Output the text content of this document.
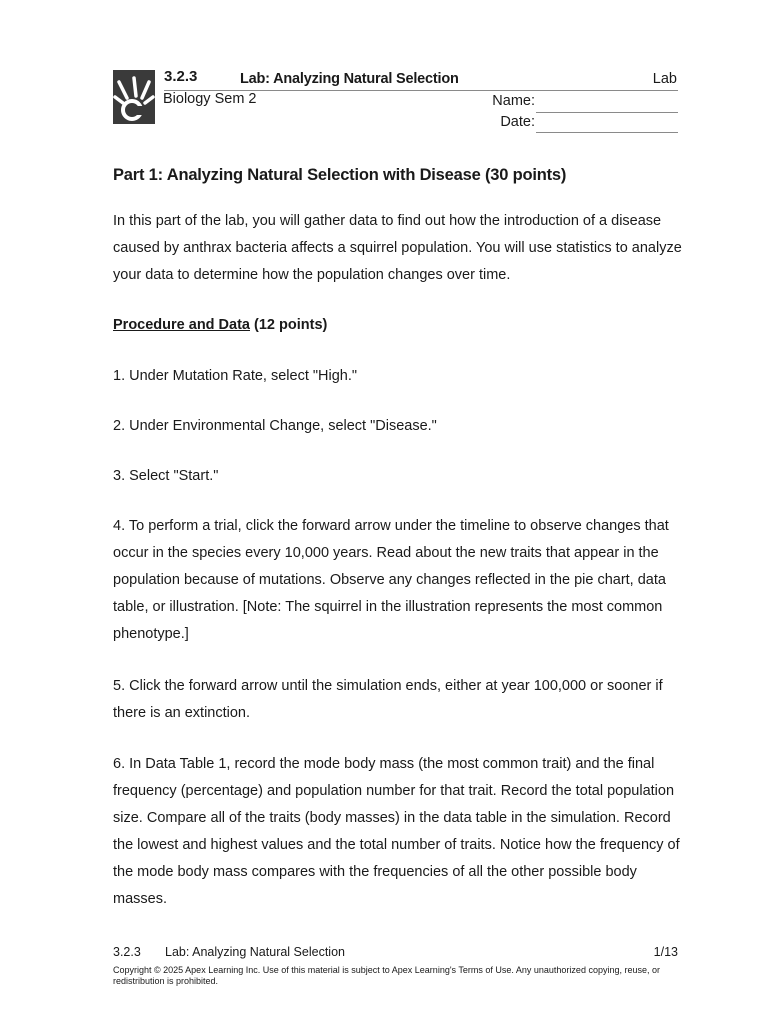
3.2.3	Lab: Analyzing Natural Selection	Lab
Biology Sem 2	Name:
Date:
Part 1: Analyzing Natural Selection with Disease (30 points)
In this part of the lab, you will gather data to find out how the introduction of a disease caused by anthrax bacteria affects a squirrel population. You will use statistics to analyze your data to determine how the population changes over time.
Procedure and Data (12 points)
1. Under Mutation Rate, select "High."
2. Under Environmental Change, select "Disease."
3. Select "Start."
4. To perform a trial, click the forward arrow under the timeline to observe changes that occur in the species every 10,000 years. Read about the new traits that appear in the population because of mutations. Observe any changes reflected in the pie chart, data table, or illustration. [Note: The squirrel in the illustration represents the most common phenotype.]
5. Click the forward arrow until the simulation ends, either at year 100,000 or sooner if there is an extinction.
6. In Data Table 1, record the mode body mass (the most common trait) and the final frequency (percentage) and population number for that trait. Record the total population size. Compare all of the traits (body masses) in the data table in the simulation. Record the lowest and highest values and the total number of traits. Notice how the frequency of the mode body mass compares with the frequencies of all the other possible body masses.
3.2.3 Lab: Analyzing Natural Selection	1/13
Copyright © 2025 Apex Learning Inc. Use of this material is subject to Apex Learning's Terms of Use. Any unauthorized copying, reuse, or redistribution is prohibited.
